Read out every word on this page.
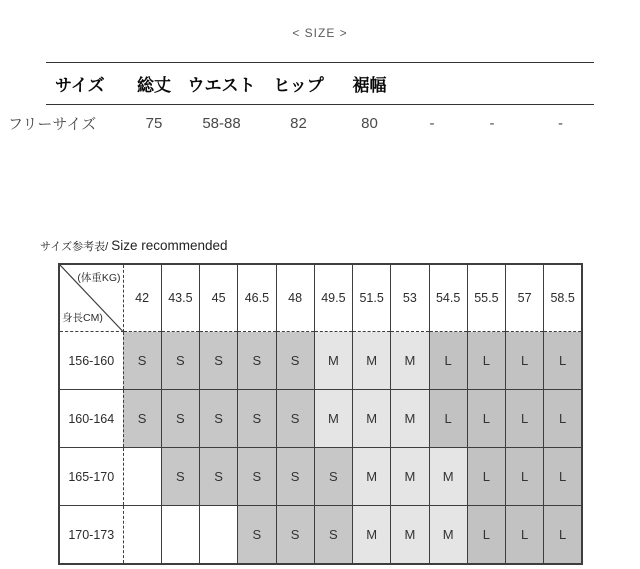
< SIZE >
サイズ	総丈	ウエスト	ヒップ	裾幅			
フリーサイズ	75	58-88	82	80	-	-	-
サイズ参考表/ Size recommended
(体重KG)
身長CM)	42	43.5	45	46.5	48	49.5	51.5	53	54.5	55.5	57	58.5
156-160	S	S	S	S	S	M	M	M	L	L	L	L
160-164	S	S	S	S	S	M	M	M	L	L	L	L
165-170		S	S	S	S	S	M	M	M	L	L	L
170-173				S	S	S	M	M	M	L	L	L
